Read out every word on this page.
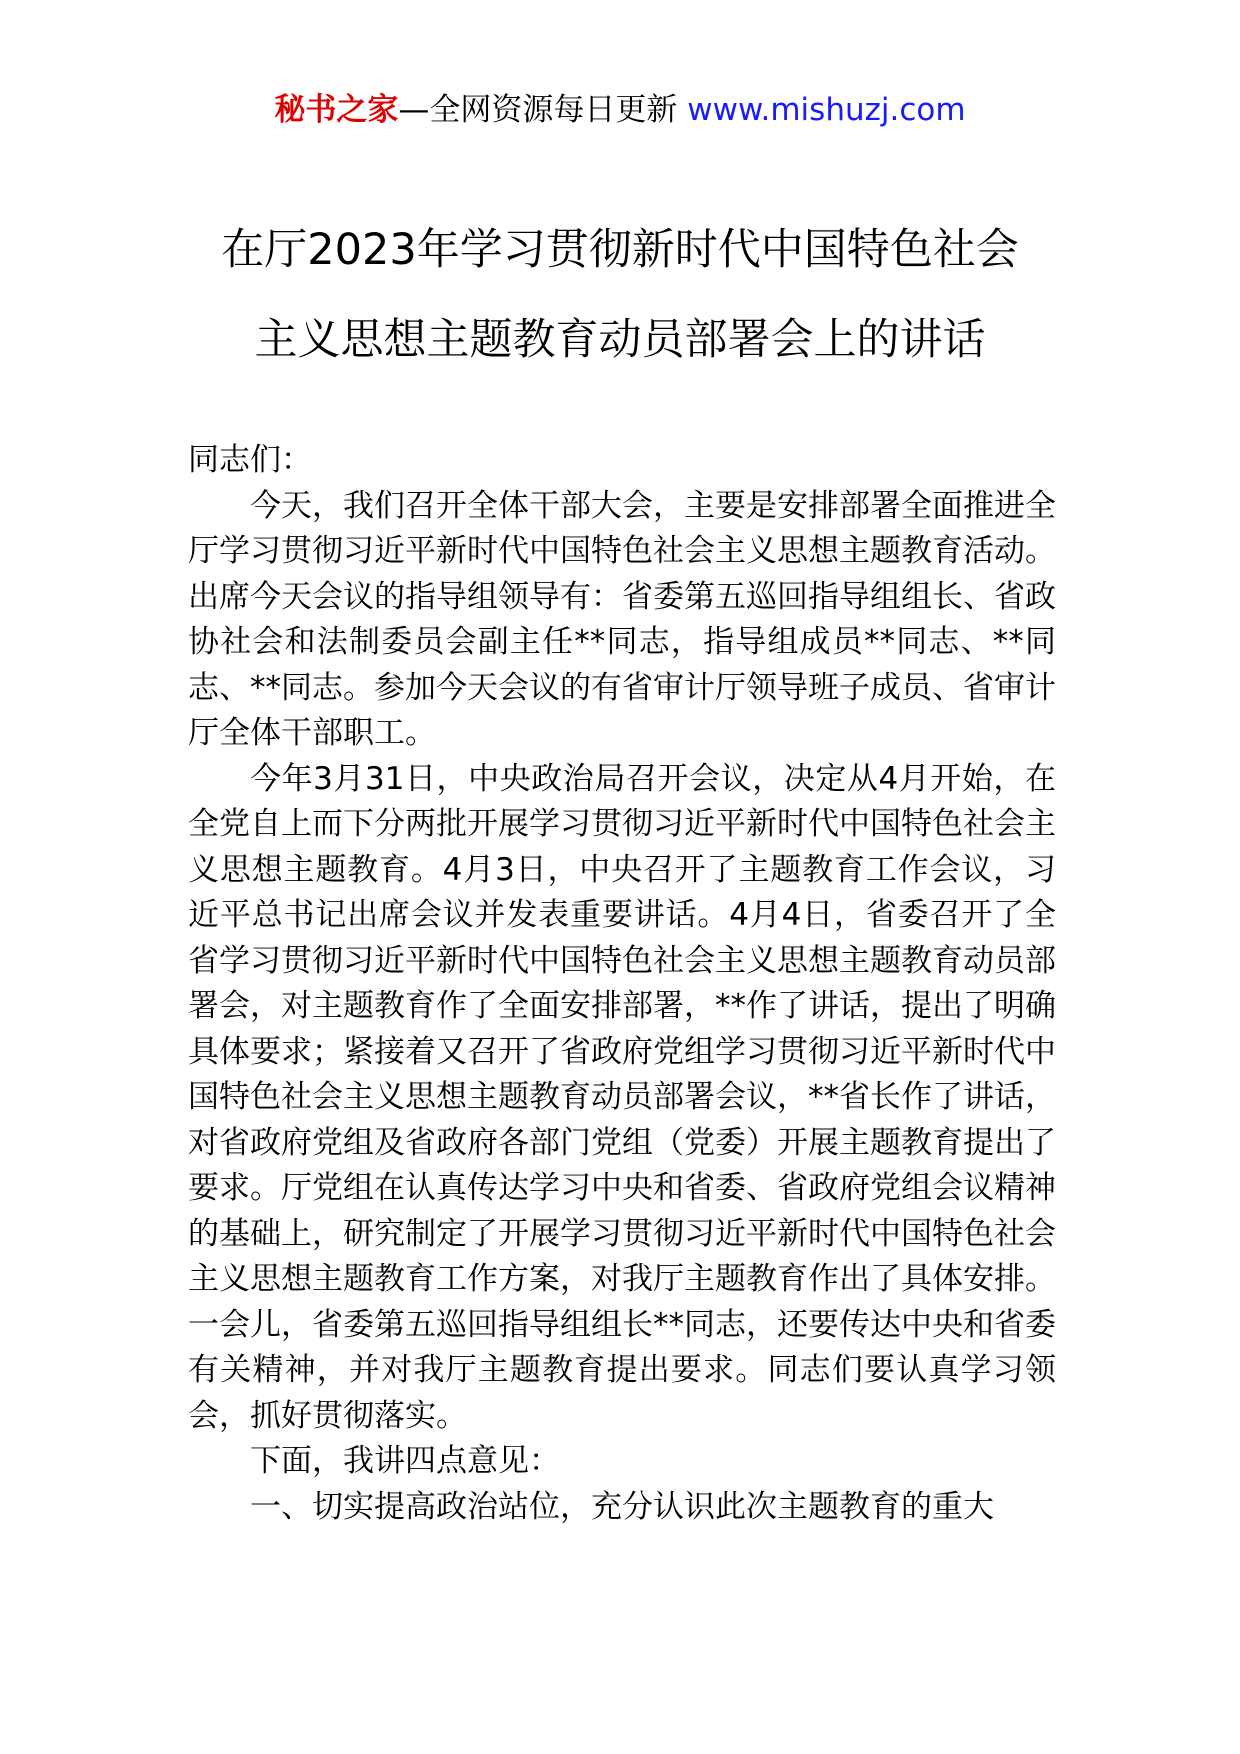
秘书之家—全网资源每日更新 www.mishuzj.com
在厅2023年学习贯彻新时代中国特色社会
主义思想主题教育动员部署会上的讲话

同志们：

今天，我们召开全体干部大会，主要是安排部署全面推进全厅学习贯彻习近平新时代中国特色社会主义思想主题教育活动。出席今天会议的指导组领导有：省委第五巡回指导组组长、省政协社会和法制委员会副主任**同志，指导组成员**同志、**同志、**同志。参加今天会议的有省审计厅领导班子成员、省审计厅全体干部职工。

今年3月31日，中央政治局召开会议，决定从4月开始，在全党自上而下分两批开展学习贯彻习近平新时代中国特色社会主义思想主题教育。4月3日，中央召开了主题教育工作会议，习近平总书记出席会议并发表重要讲话。4月4日，省委召开了全省学习贯彻习近平新时代中国特色社会主义思想主题教育动员部署会，对主题教育作了全面安排部署，**作了讲话，提出了明确具体要求；紧接着又召开了省政府党组学习贯彻习近平新时代中国特色社会主义思想主题教育动员部署会议，**省长作了讲话，对省政府党组及省政府各部门党组（党委）开展主题教育提出了要求。厅党组在认真传达学习中央和省委、省政府党组会议精神的基础上，研究制定了开展学习贯彻习近平新时代中国特色社会主义思想主题教育工作方案，对我厅主题教育作出了具体安排。一会儿，省委第五巡回指导组组长**同志，还要传达中央和省委有关精神，并对我厅主题教育提出要求。同志们要认真学习领会，抓好贯彻落实。

下面，我讲四点意见：

一、切实提高政治站位，充分认识此次主题教育的重大
